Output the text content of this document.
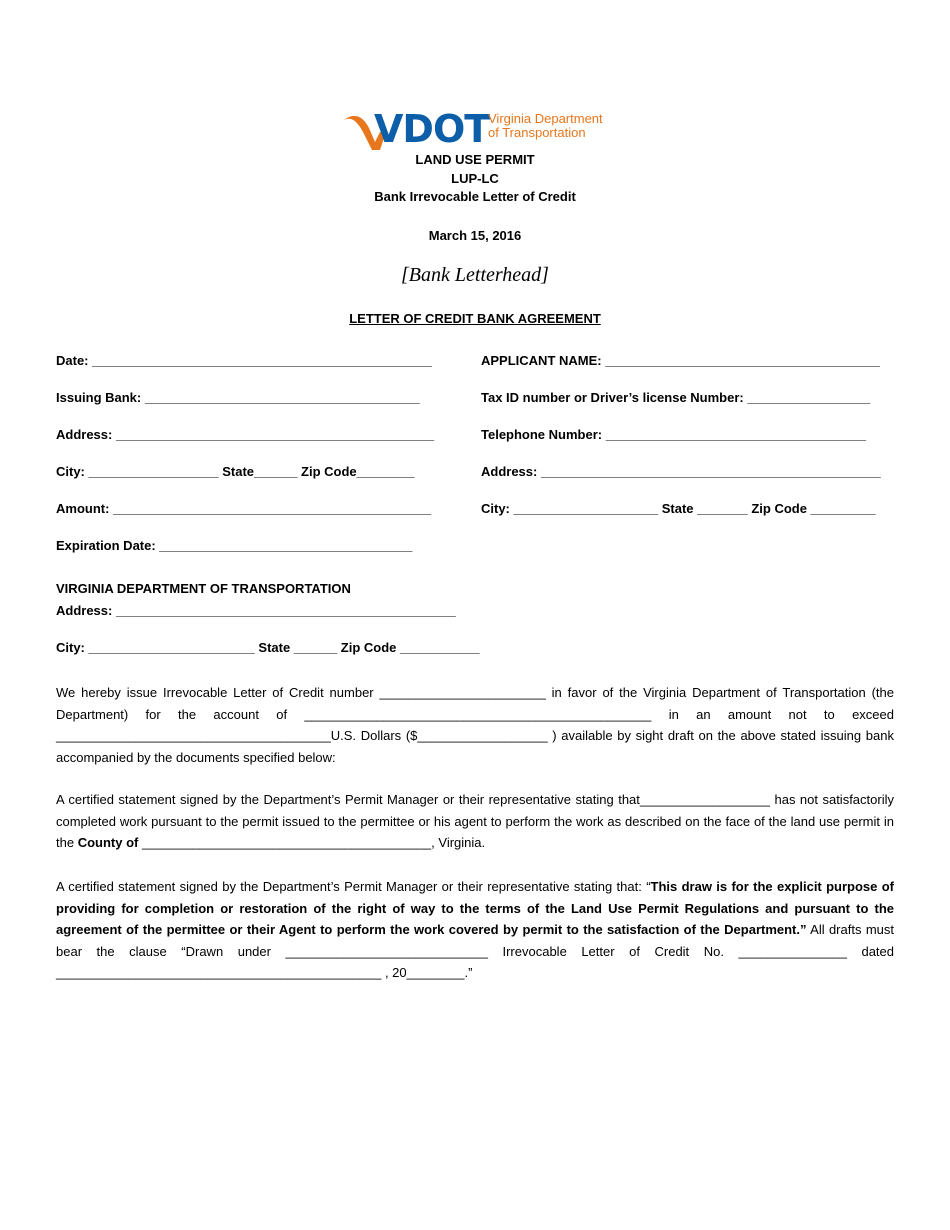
VDOT
Virginia Department
of Transportation
LAND USE PERMIT
LUP-LC
Bank Irrevocable Letter of Credit
March 15, 2016
[Bank Letterhead]
LETTER OF CREDIT BANK AGREEMENT
Date: _______________________________________________
Issuing Bank: ______________________________________
Address: ____________________________________________
City: __________________ State______ Zip Code________
Amount: ____________________________________________
Expiration Date: ___________________________________
APPLICANT NAME: ______________________________________
Tax ID number or Driver’s license Number: _________________
Telephone Number: ____________________________________
Address: _______________________________________________
City: ____________________ State _______ Zip Code _________
VIRGINIA DEPARTMENT OF TRANSPORTATION
Address: _______________________________________________
City: _______________________ State ______ Zip Code ___________
We hereby issue Irrevocable Letter of Credit number _______________________ in favor of the Virginia Department of Transportation (the Department) for the account of ________________________________________________ in an amount not to exceed ______________________________________U.S. Dollars ($__________________ ) available by sight draft on the above stated issuing bank accompanied by the documents specified below:
A certified statement signed by the Department’s Permit Manager or their representative stating that__________________ has not satisfactorily completed work pursuant to the permit issued to the permittee or his agent to perform the work as described on the face of the land use permit in the County of ________________________________________, Virginia.
A certified statement signed by the Department’s Permit Manager or their representative stating that: “This draw is for the explicit purpose of providing for completion or restoration of the right of way to the terms of the Land Use Permit Regulations and pursuant to the agreement of the permittee or their Agent to perform the work covered by permit to the satisfaction of the Department.” All drafts must bear the clause “Drawn under ____________________________ Irrevocable Letter of Credit No. _______________ dated _____________________________________________ , 20________.”
